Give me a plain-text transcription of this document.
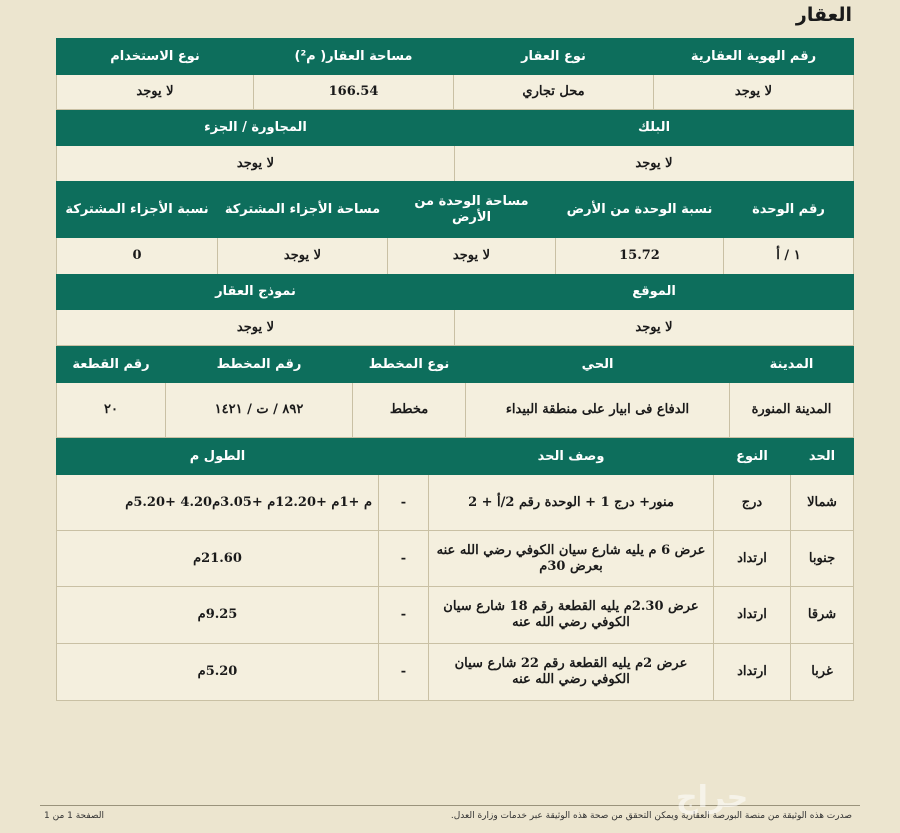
العقار
رقم الهوية العقارية	نوع العقار	مساحة العقار( م²)	نوع الاستخدام
لا يوجد	محل تجاري	166.54	لا يوجد
البلك	المجاورة / الجزء
لا يوجد	لا يوجد
رقم الوحدة	نسبة الوحدة من الأرض	مساحة الوحدة من الأرض	مساحة الأجزاء المشتركة	نسبة الأجزاء المشتركة
١ / أ	15.72	لا يوجد	لا يوجد	0
الموقع	نموذج العقار
لا يوجد	لا يوجد
المدينة	الحي	نوع المخطط	رقم المخطط	رقم القطعة
المدينة المنورة	الدفاع فى ابيار على منطقة البيداء	مخطط	٨٩٢ / ت / ١٤٢١	٢٠
الحد	النوع	وصف الحد		الطول م
شمالا	درج	منور+ درج 1 + الوحدة رقم 2/أ + 2	-	م +1م +12.20م +3.05م4.20 +5.20م
جنوبا	ارتداد	عرض 6 م يليه شارع سيان الكوفي رضي الله عنه بعرض 30م	-	21.60م
شرقا	ارتداد	عرض 2.30م يليه القطعة رقم 18 شارع سيان الكوفي رضي الله عنه	-	9.25م
غربا	ارتداد	عرض 2م يليه القطعة رقم 22 شارع سيان الكوفي رضي الله عنه	-	5.20م
صدرت هذه الوثيقة من منصة البورصة العقارية ويمكن التحقق من صحة هذه الوثيقة عبر خدمات وزارة العدل.
الصفحة 1 من 1
حراج
